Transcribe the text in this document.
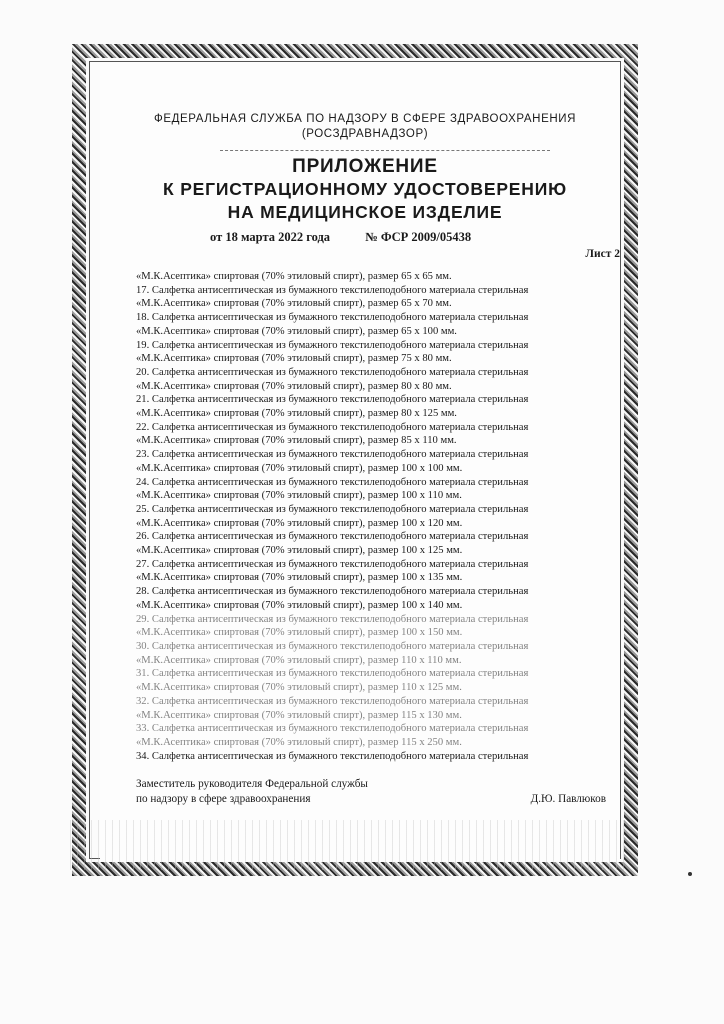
ФЕДЕРАЛЬНАЯ СЛУЖБА ПО НАДЗОРУ В СФЕРЕ ЗДРАВООХРАНЕНИЯ
(РОСЗДРАВНАДЗОР)
ПРИЛОЖЕНИЕ
К РЕГИСТРАЦИОННОМУ УДОСТОВЕРЕНИЮ
НА МЕДИЦИНСКОЕ ИЗДЕЛИЕ
от 18 марта 2022 года	№ ФСР 2009/05438
Лист 2
«М.К.Асептика» спиртовая (70% этиловый спирт), размер 65 х 65 мм.
17. Салфетка антисептическая из бумажного текстилеподобного материала стерильная
«М.К.Асептика» спиртовая (70% этиловый спирт), размер 65 х 70 мм.
18. Салфетка антисептическая из бумажного текстилеподобного материала стерильная
«М.К.Асептика» спиртовая (70% этиловый спирт), размер 65 х 100 мм.
19. Салфетка антисептическая из бумажного текстилеподобного материала стерильная
«М.К.Асептика» спиртовая (70% этиловый спирт), размер 75 х 80 мм.
20. Салфетка антисептическая из бумажного текстилеподобного материала стерильная
«М.К.Асептика» спиртовая (70% этиловый спирт), размер 80 х 80 мм.
21. Салфетка антисептическая из бумажного текстилеподобного материала стерильная
«М.К.Асептика» спиртовая (70% этиловый спирт), размер 80 х 125 мм.
22. Салфетка антисептическая из бумажного текстилеподобного материала стерильная
«М.К.Асептика» спиртовая (70% этиловый спирт), размер 85 х 110 мм.
23. Салфетка антисептическая из бумажного текстилеподобного материала стерильная
«М.К.Асептика» спиртовая (70% этиловый спирт), размер 100 х 100 мм.
24. Салфетка антисептическая из бумажного текстилеподобного материала стерильная
«М.К.Асептика» спиртовая (70% этиловый спирт), размер 100 х 110 мм.
25. Салфетка антисептическая из бумажного текстилеподобного материала стерильная
«М.К.Асептика» спиртовая (70% этиловый спирт), размер 100 х 120 мм.
26. Салфетка антисептическая из бумажного текстилеподобного материала стерильная
«М.К.Асептика» спиртовая (70% этиловый спирт), размер 100 х 125 мм.
27. Салфетка антисептическая из бумажного текстилеподобного материала стерильная
«М.К.Асептика» спиртовая (70% этиловый спирт), размер 100 х 135 мм.
28. Салфетка антисептическая из бумажного текстилеподобного материала стерильная
«М.К.Асептика» спиртовая (70% этиловый спирт), размер 100 х 140 мм.
29. Салфетка антисептическая из бумажного текстилеподобного материала стерильная
«М.К.Асептика» спиртовая (70% этиловый спирт), размер 100 х 150 мм.
30. Салфетка антисептическая из бумажного текстилеподобного материала стерильная
«М.К.Асептика» спиртовая (70% этиловый спирт), размер 110 х 110 мм.
31. Салфетка антисептическая из бумажного текстилеподобного материала стерильная
«М.К.Асептика» спиртовая (70% этиловый спирт), размер 110 х 125 мм.
32. Салфетка антисептическая из бумажного текстилеподобного материала стерильная
«М.К.Асептика» спиртовая (70% этиловый спирт), размер 115 х 130 мм.
33. Салфетка антисептическая из бумажного текстилеподобного материала стерильная
«М.К.Асептика» спиртовая (70% этиловый спирт), размер 115 х 250 мм.
34. Салфетка антисептическая из бумажного текстилеподобного материала стерильная
Заместитель руководителя Федеральной службы
по надзору в сфере здравоохранения	Д.Ю. Павлюков
